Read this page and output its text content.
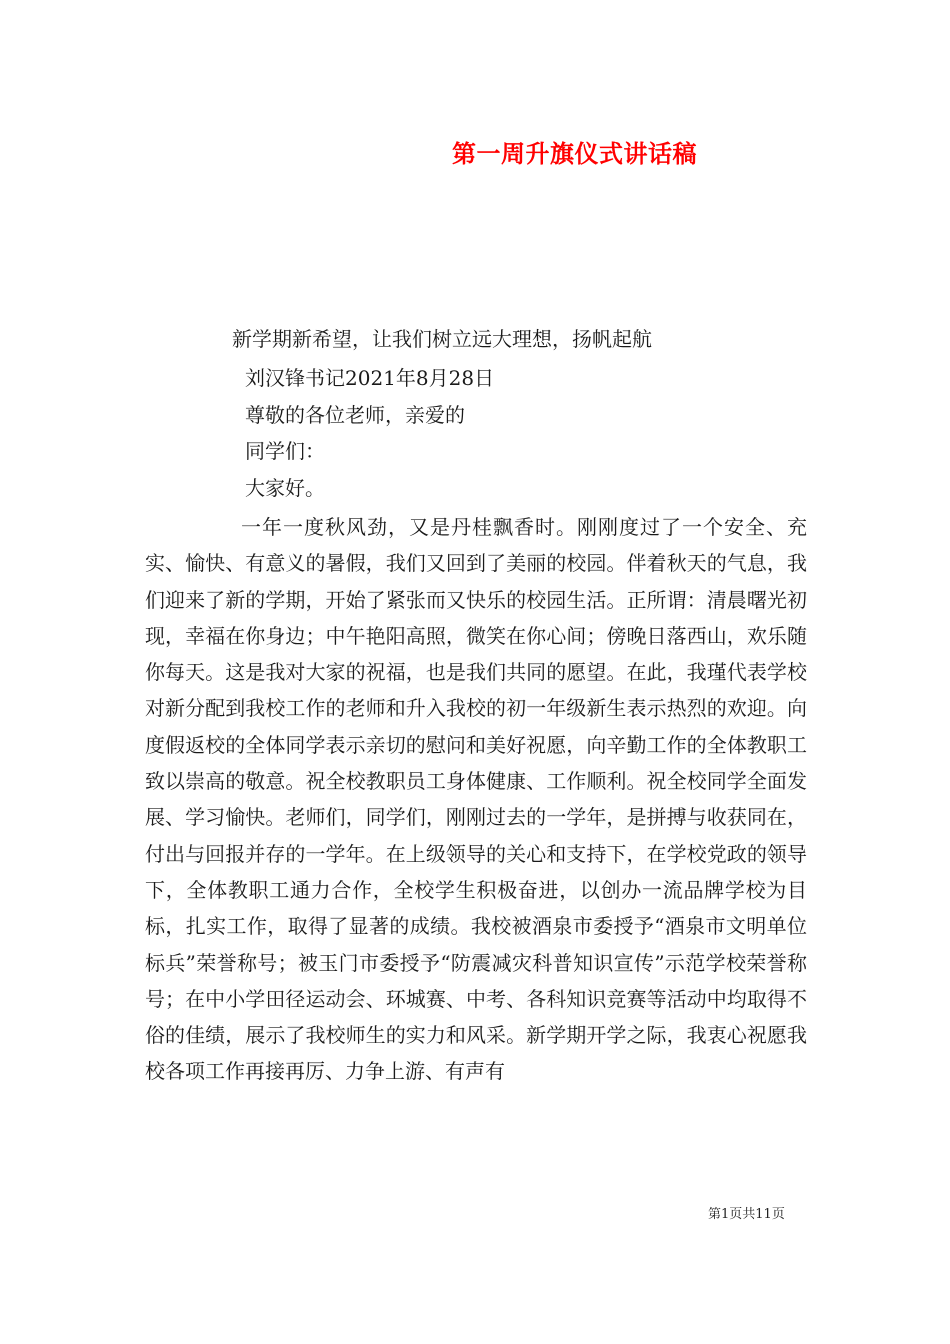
第一周升旗仪式讲话稿
新学期新希望，让我们树立远大理想，扬帆起航
刘汉锋书记2021年8月28日
尊敬的各位老师，亲爱的
同学们：
大家好。

一年一度秋风劲，又是丹桂飘香时。刚刚度过了一个安全、充实、愉快、有意义的暑假，我们又回到了美丽的校园。伴着秋天的气息，我们迎来了新的学期，开始了紧张而又快乐的校园生活。正所谓：清晨曙光初现，幸福在你身边；中午艳阳高照，微笑在你心间；傍晚日落西山，欢乐随你每天。这是我对大家的祝福，也是我们共同的愿望。在此，我瑾代表学校对新分配到我校工作的老师和升入我校的初一年级新生表示热烈的欢迎。向度假返校的全体同学表示亲切的慰问和美好祝愿，向辛勤工作的全体教职工致以崇高的敬意。祝全校教职员工身体健康、工作顺利。祝全校同学全面发展、学习愉快。老师们，同学们，刚刚过去的一学年，是拼搏与收获同在，付出与回报并存的一学年。在上级领导的关心和支持下，在学校党政的领导下，全体教职工通力合作，全校学生积极奋进，以创办一流品牌学校为目标，扎实工作，取得了显著的成绩。我校被酒泉市委授予“酒泉市文明单位标兵”荣誉称号；被玉门市委授予“防震减灾科普知识宣传”示范学校荣誉称号；在中小学田径运动会、环城赛、中考、各科知识竞赛等活动中均取得不俗的佳绩，展示了我校师生的实力和风采。新学期开学之际，我衷心祝愿我校各项工作再接再厉、力争上游、有声有

第1页共11页
